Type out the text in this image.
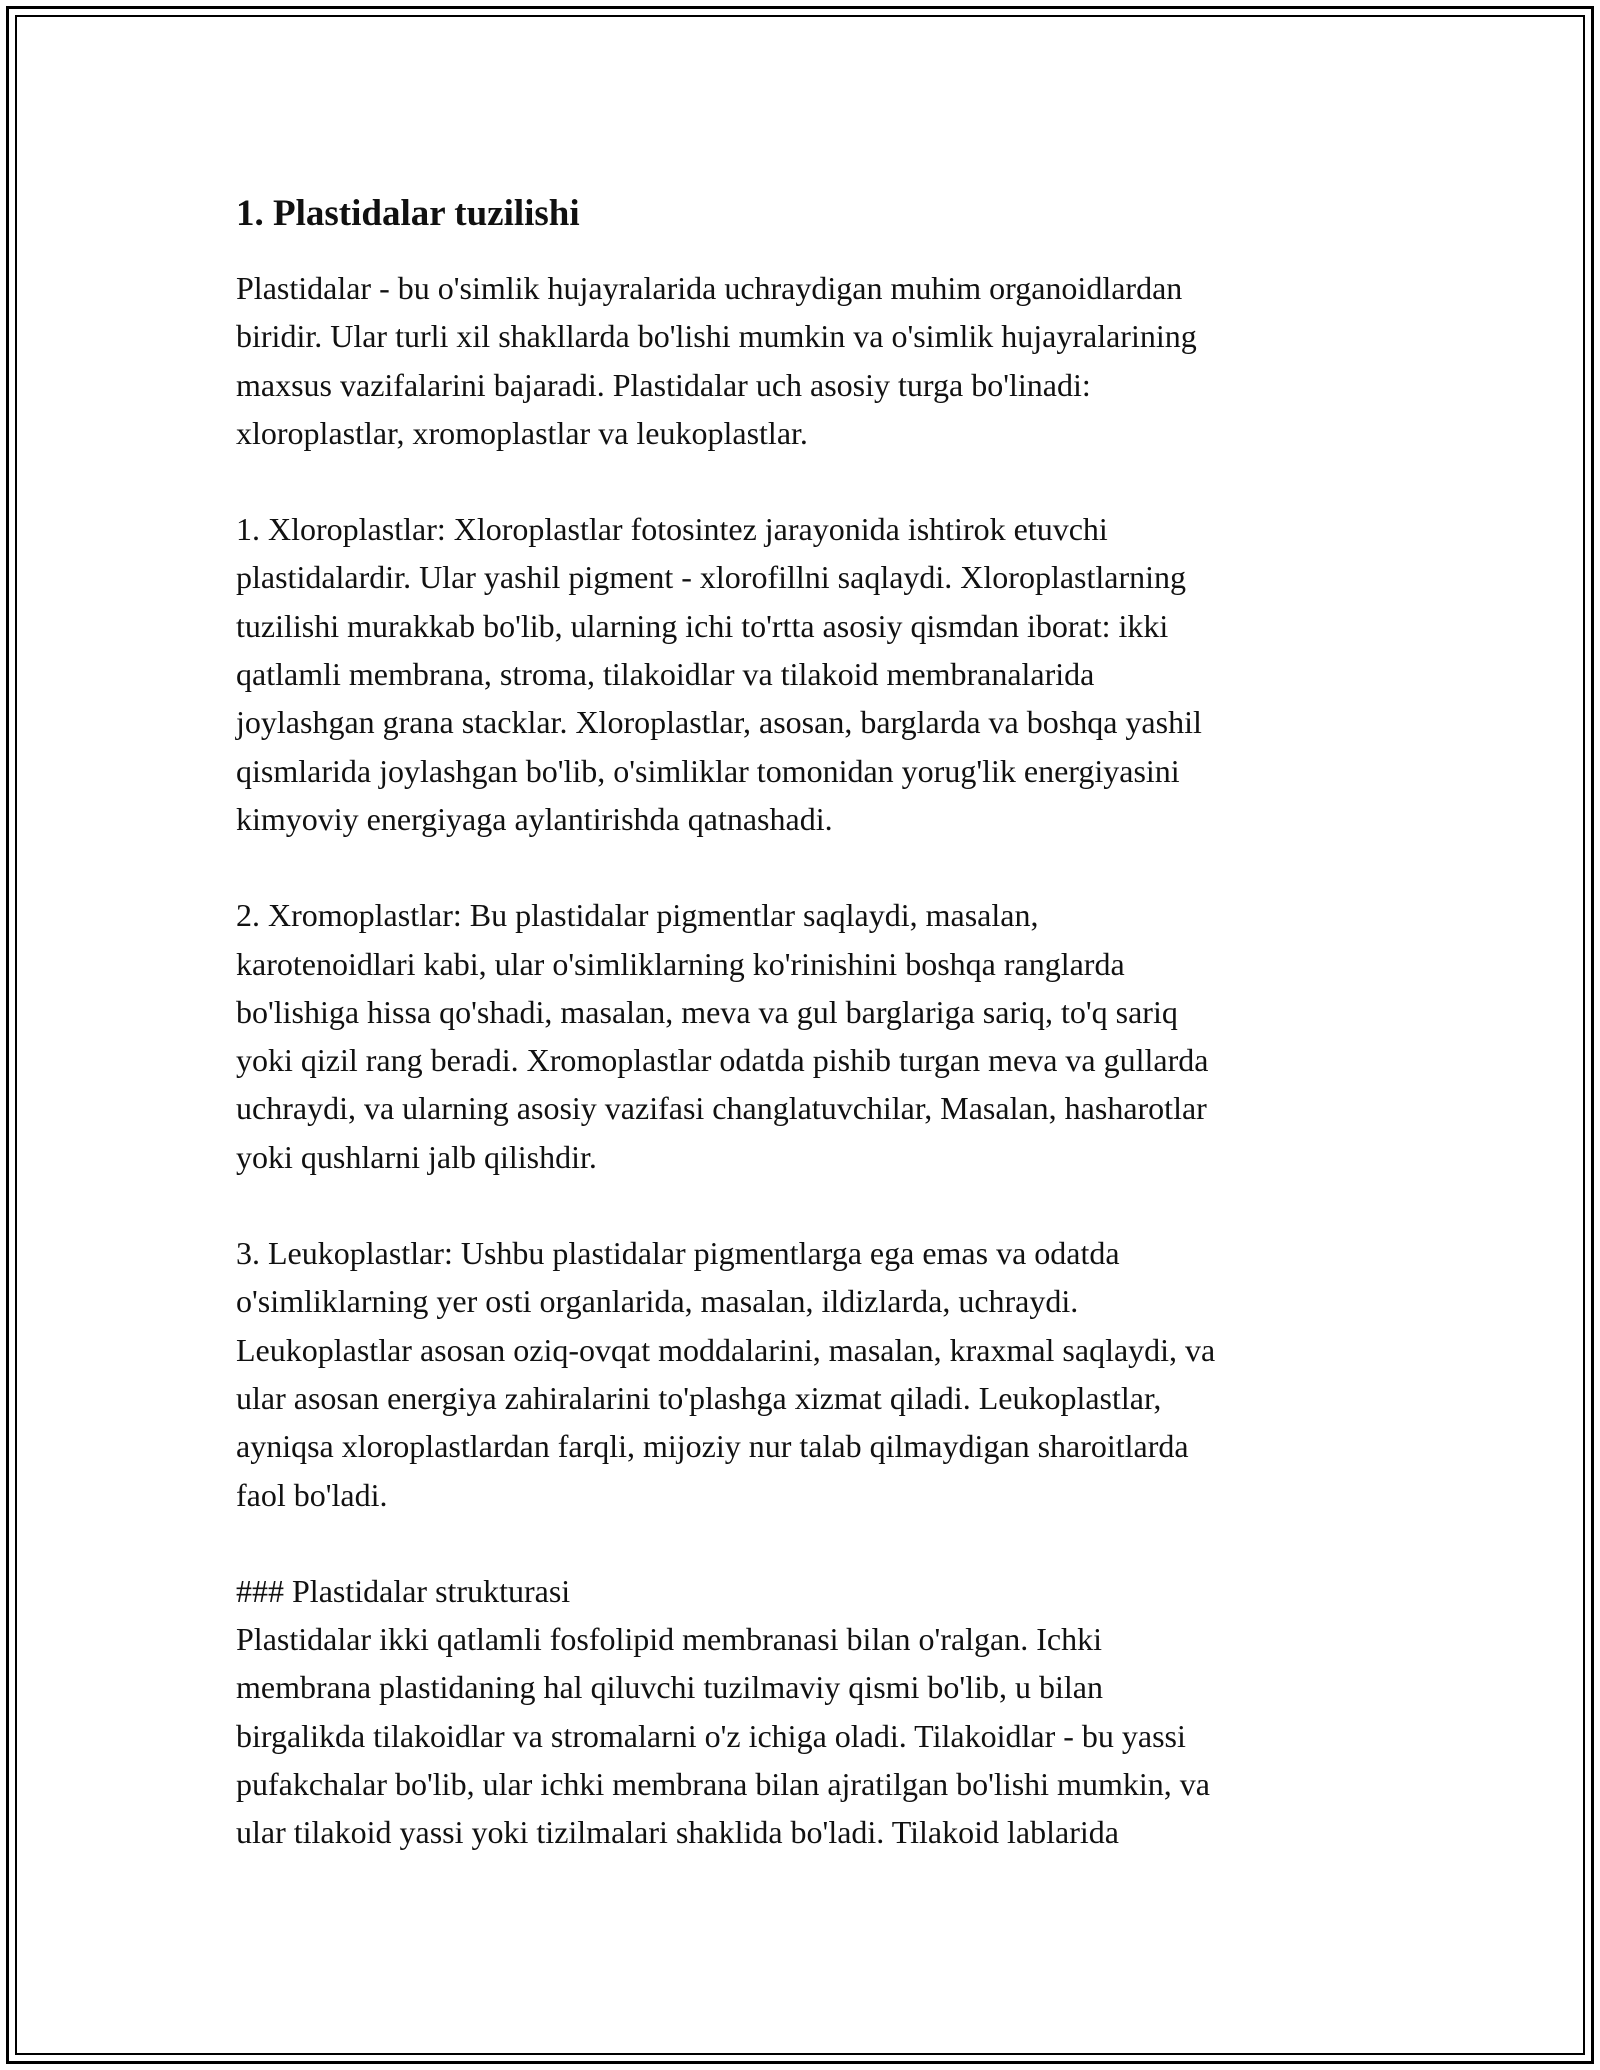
1. Plastidalar tuzilishi

Plastidalar - bu o'simlik hujayralarida uchraydigan muhim organoidlardan
biridir. Ular turli xil shakllarda bo'lishi mumkin va o'simlik hujayralarining
maxsus vazifalarini bajaradi. Plastidalar uch asosiy turga bo'linadi:
xloroplastlar, xromoplastlar va leukoplastlar.

1. Xloroplastlar: Xloroplastlar fotosintez jarayonida ishtirok etuvchi
plastidalardir. Ular yashil pigment - xlorofillni saqlaydi. Xloroplastlarning
tuzilishi murakkab bo'lib, ularning ichi to'rtta asosiy qismdan iborat: ikki
qatlamli membrana, stroma, tilakoidlar va tilakoid membranalarida
joylashgan grana stacklar. Xloroplastlar, asosan, barglarda va boshqa yashil
qismlarida joylashgan bo'lib, o'simliklar tomonidan yorug'lik energiyasini
kimyoviy energiyaga aylantirishda qatnashadi.

2. Xromoplastlar: Bu plastidalar pigmentlar saqlaydi, masalan,
karotenoidlari kabi, ular o'simliklarning ko'rinishini boshqa ranglarda
bo'lishiga hissa qo'shadi, masalan, meva va gul barglariga sariq, to'q sariq
yoki qizil rang beradi. Xromoplastlar odatda pishib turgan meva va gullarda
uchraydi, va ularning asosiy vazifasi changlatuvchilar, Masalan, hasharotlar
yoki qushlarni jalb qilishdir.

3. Leukoplastlar: Ushbu plastidalar pigmentlarga ega emas va odatda
o'simliklarning yer osti organlarida, masalan, ildizlarda, uchraydi.
Leukoplastlar asosan oziq-ovqat moddalarini, masalan, kraxmal saqlaydi, va
ular asosan energiya zahiralarini to'plashga xizmat qiladi. Leukoplastlar,
ayniqsa xloroplastlardan farqli, mijoziy nur talab qilmaydigan sharoitlarda
faol bo'ladi.

### Plastidalar strukturasi
Plastidalar ikki qatlamli fosfolipid membranasi bilan o'ralgan. Ichki
membrana plastidaning hal qiluvchi tuzilmaviy qismi bo'lib, u bilan
birgalikda tilakoidlar va stromalarni o'z ichiga oladi. Tilakoidlar - bu yassi
pufakchalar bo'lib, ular ichki membrana bilan ajratilgan bo'lishi mumkin, va
ular tilakoid yassi yoki tizilmalari shaklida bo'ladi. Tilakoid lablarida
